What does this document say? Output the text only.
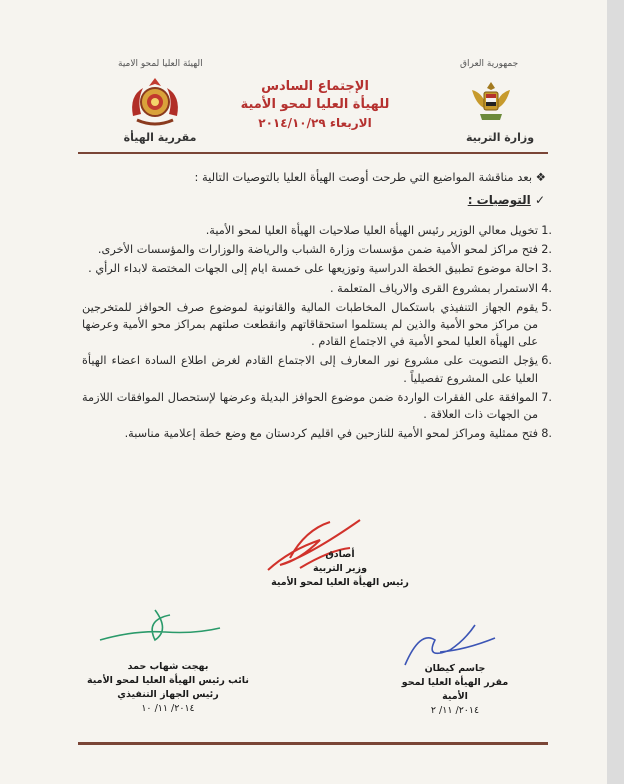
الهيئة العليا لمحو الامية	جمهورية العراق
الإجتماع السادس
للهيأة العليا لمحو الأمية
الاربعاء ٢٠١٤/١٠/٢٩
وزارة التربية
مقررية الهيأة
❖ بعد مناقشة المواضيع التي طرحت أوصت الهيأة العليا بالتوصيات التالية :
✓ التوصيات :
.1
تخويل معالي الوزير رئيس الهيأة العليا صلاحيات الهيأة العليا لمحو الأمية.
.2
فتح مراكز لمحو الأمية ضمن مؤسسات وزارة الشباب والرياضة والوزارات والمؤسسات الأخرى.
.3
احالة موضوع تطبيق الخطة الدراسية وتوزيعها على خمسة ايام إلى الجهات المختصة لابداء الرأي .
.4
الاستمرار بمشروع القرى والارياف المتعلمة .
.5
يقوم الجهاز التنفيذي باستكمال المخاطبات المالية والقانونية لموضوع صرف الحوافز للمتخرجين من مراكز محو الأمية والذين لم يستلموا استحقاقاتهم وانقطعت صلتهم بمراكز محو الأمية وعرضها على الهيأة العليا لمحو الأمية في الاجتماع القادم .
.6
يؤجل التصويت على مشروع نور المعارف إلى الاجتماع القادم لغرض اطلاع السادة اعضاء الهيأة العليا على المشروع تفصيلياً .
.7
الموافقة على الفقرات الواردة ضمن موضوع الحوافز البديلة وعرضها لإستحصال الموافقات اللازمة من الجهات ذات العلاقة .
.8
فتح ممثلية ومراكز لمحو الأمية للنازحين في اقليم كردستان مع وضع خطة إعلامية مناسبة.
أصادق
وزير التربية
رئيس الهيأة العليا لمحو الأمية
بهجت شهاب حمد
نائب رئيس الهيأة العليا لمحو الأمية
رئيس الجهاز التنفيذي
٢٠١٤/ ١١/ ١٠
جاسم كيطان
مقرر الهيأة العليا لمحو الأمية
٢٠١٤/ ١١/ ٢
